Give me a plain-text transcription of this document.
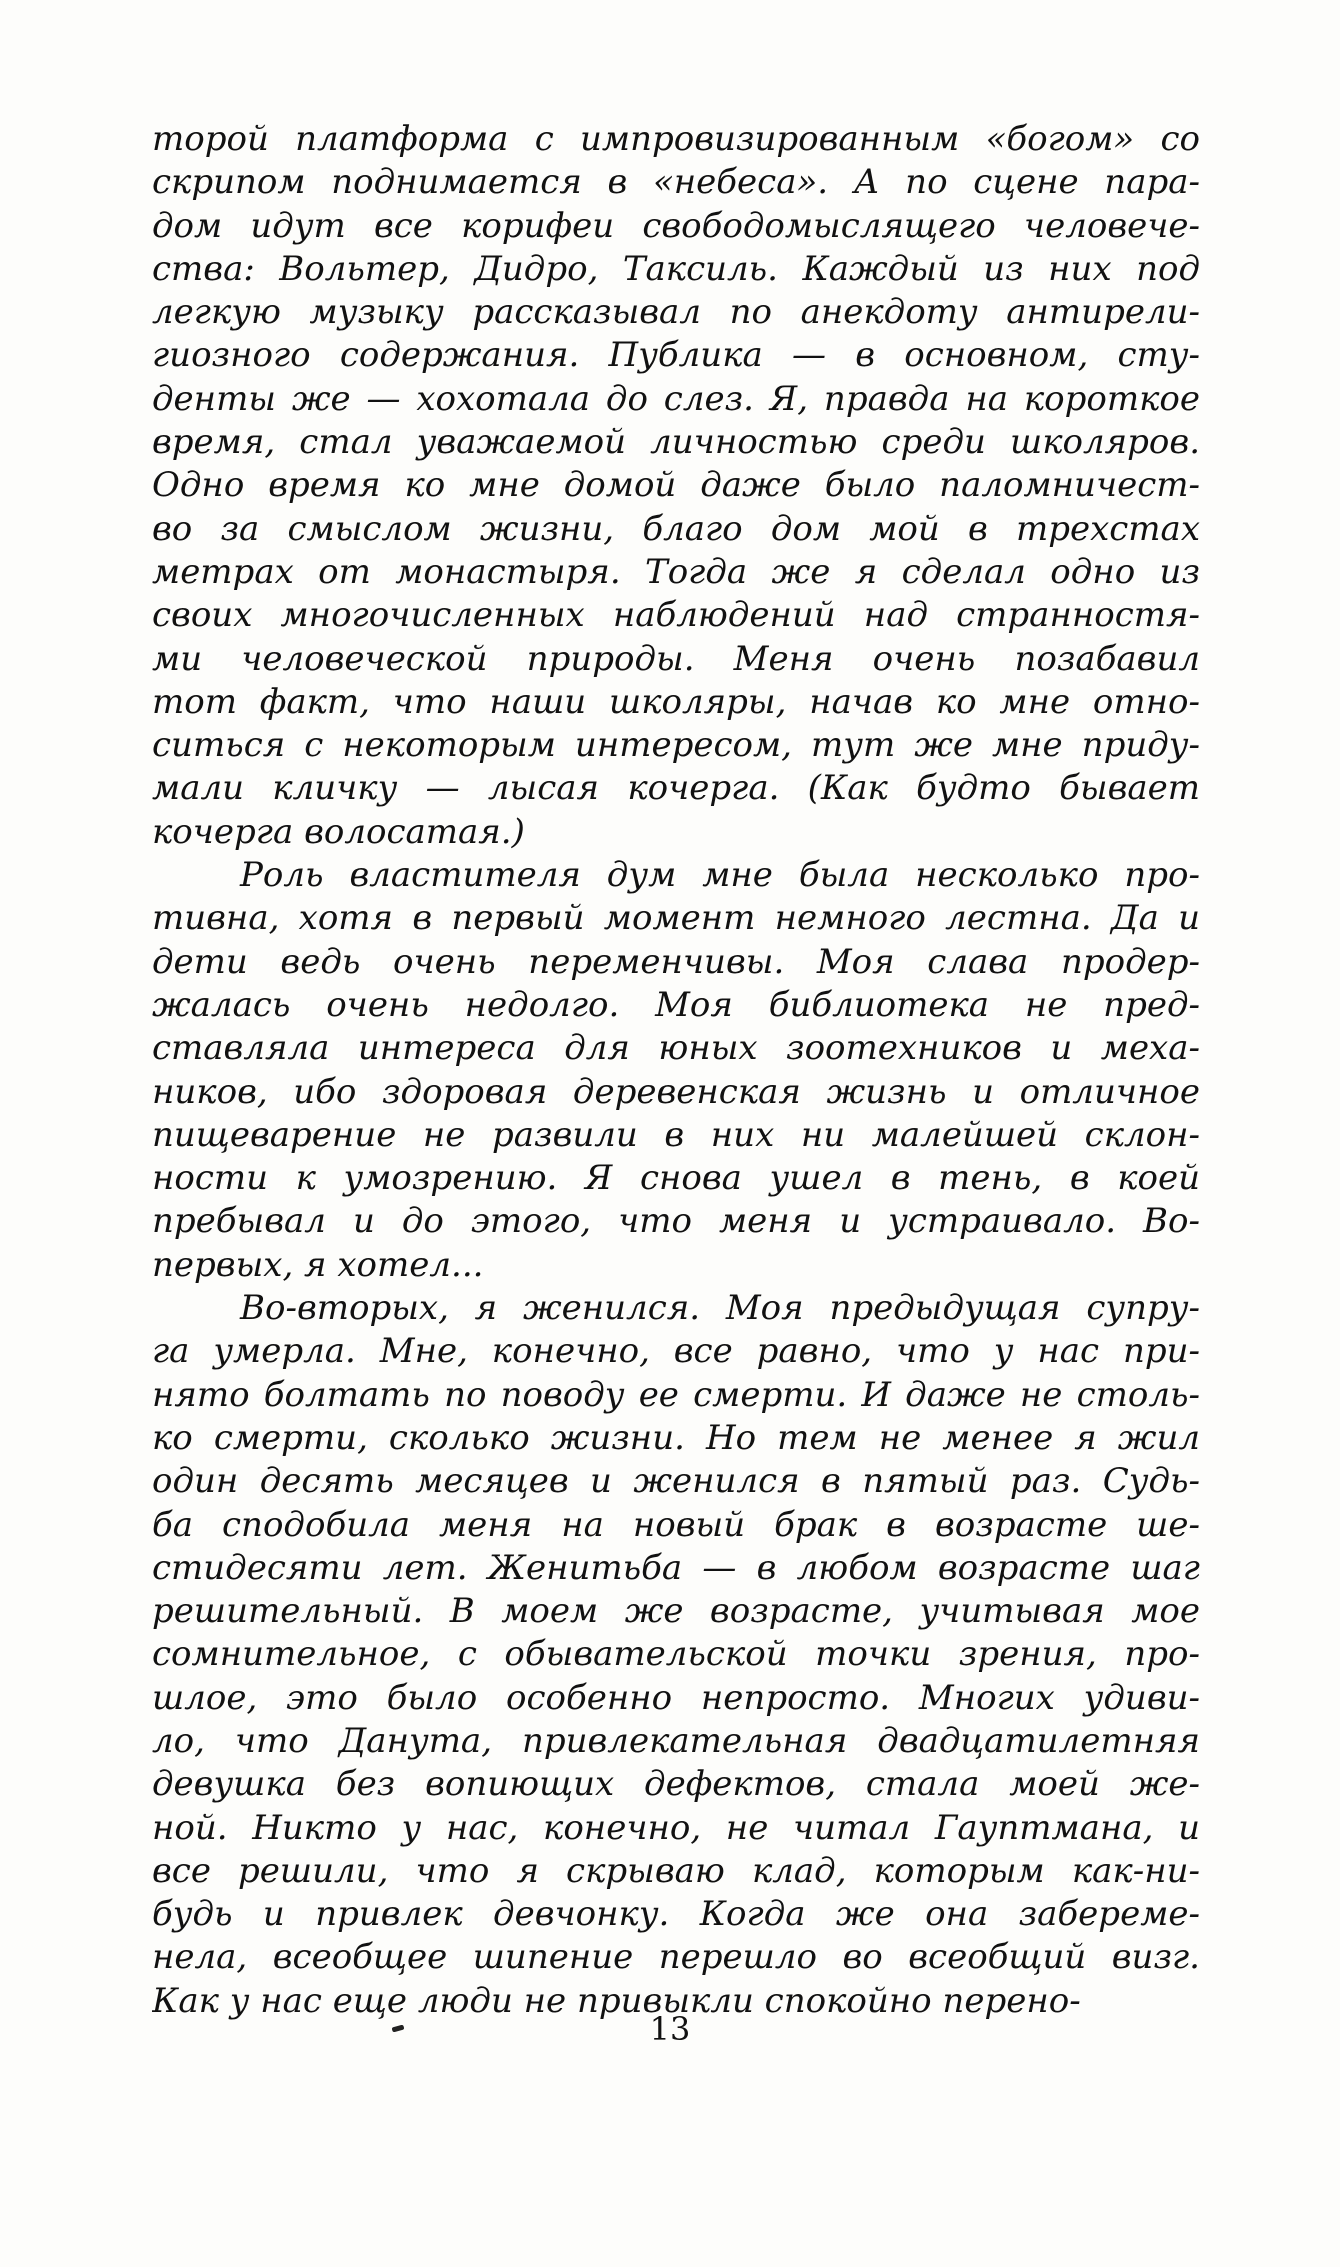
торой платформа с импровизированным «богом» со
скрипом поднимается в «небеса». А по сцене пара-
дом идут все корифеи свободомыслящего человече-
ства: Вольтер, Дидро, Таксиль. Каждый из них под
легкую музыку рассказывал по анекдоту антирели-
гиозного содержания. Публика — в основном, сту-
денты же — хохотала до слез. Я, правда на короткое
время, стал уважаемой личностью среди школяров.
Одно время ко мне домой даже было паломничест-
во за смыслом жизни, благо дом мой в трехстах
метрах от монастыря. Тогда же я сделал одно из
своих многочисленных наблюдений над странностя-
ми человеческой природы. Меня очень позабавил
тот факт, что наши школяры, начав ко мне отно-
ситься с некоторым интересом, тут же мне приду-
мали кличку — лысая кочерга. (Как будто бывает
кочерга волосатая.)
Роль властителя дум мне была несколько про-
тивна, хотя в первый момент немного лестна. Да и
дети ведь очень переменчивы. Моя слава продер-
жалась очень недолго. Моя библиотека не пред-
ставляла интереса для юных зоотехников и меха-
ников, ибо здоровая деревенская жизнь и отличное
пищеварение не развили в них ни малейшей склон-
ности к умозрению. Я снова ушел в тень, в коей
пребывал и до этого, что меня и устраивало. Во-
первых, я хотел...
Во-вторых, я женился. Моя предыдущая супру-
га умерла. Мне, конечно, все равно, что у нас при-
нято болтать по поводу ее смерти. И даже не столь-
ко смерти, сколько жизни. Но тем не менее я жил
один десять месяцев и женился в пятый раз. Судь-
ба сподобила меня на новый брак в возрасте ше-
стидесяти лет. Женитьба — в любом возрасте шаг
решительный. В моем же возрасте, учитывая мое
сомнительное, с обывательской точки зрения, про-
шлое, это было особенно непросто. Многих удиви-
ло, что Данута, привлекательная двадцатилетняя
девушка без вопиющих дефектов, стала моей же-
ной. Никто у нас, конечно, не читал Гауптмана, и
все решили, что я скрываю клад, которым как-ни-
будь и привлек девчонку. Когда же она забереме-
нела, всеобщее шипение перешло во всеобщий визг.
Как у нас еще люди не привыкли спокойно перено-
13
